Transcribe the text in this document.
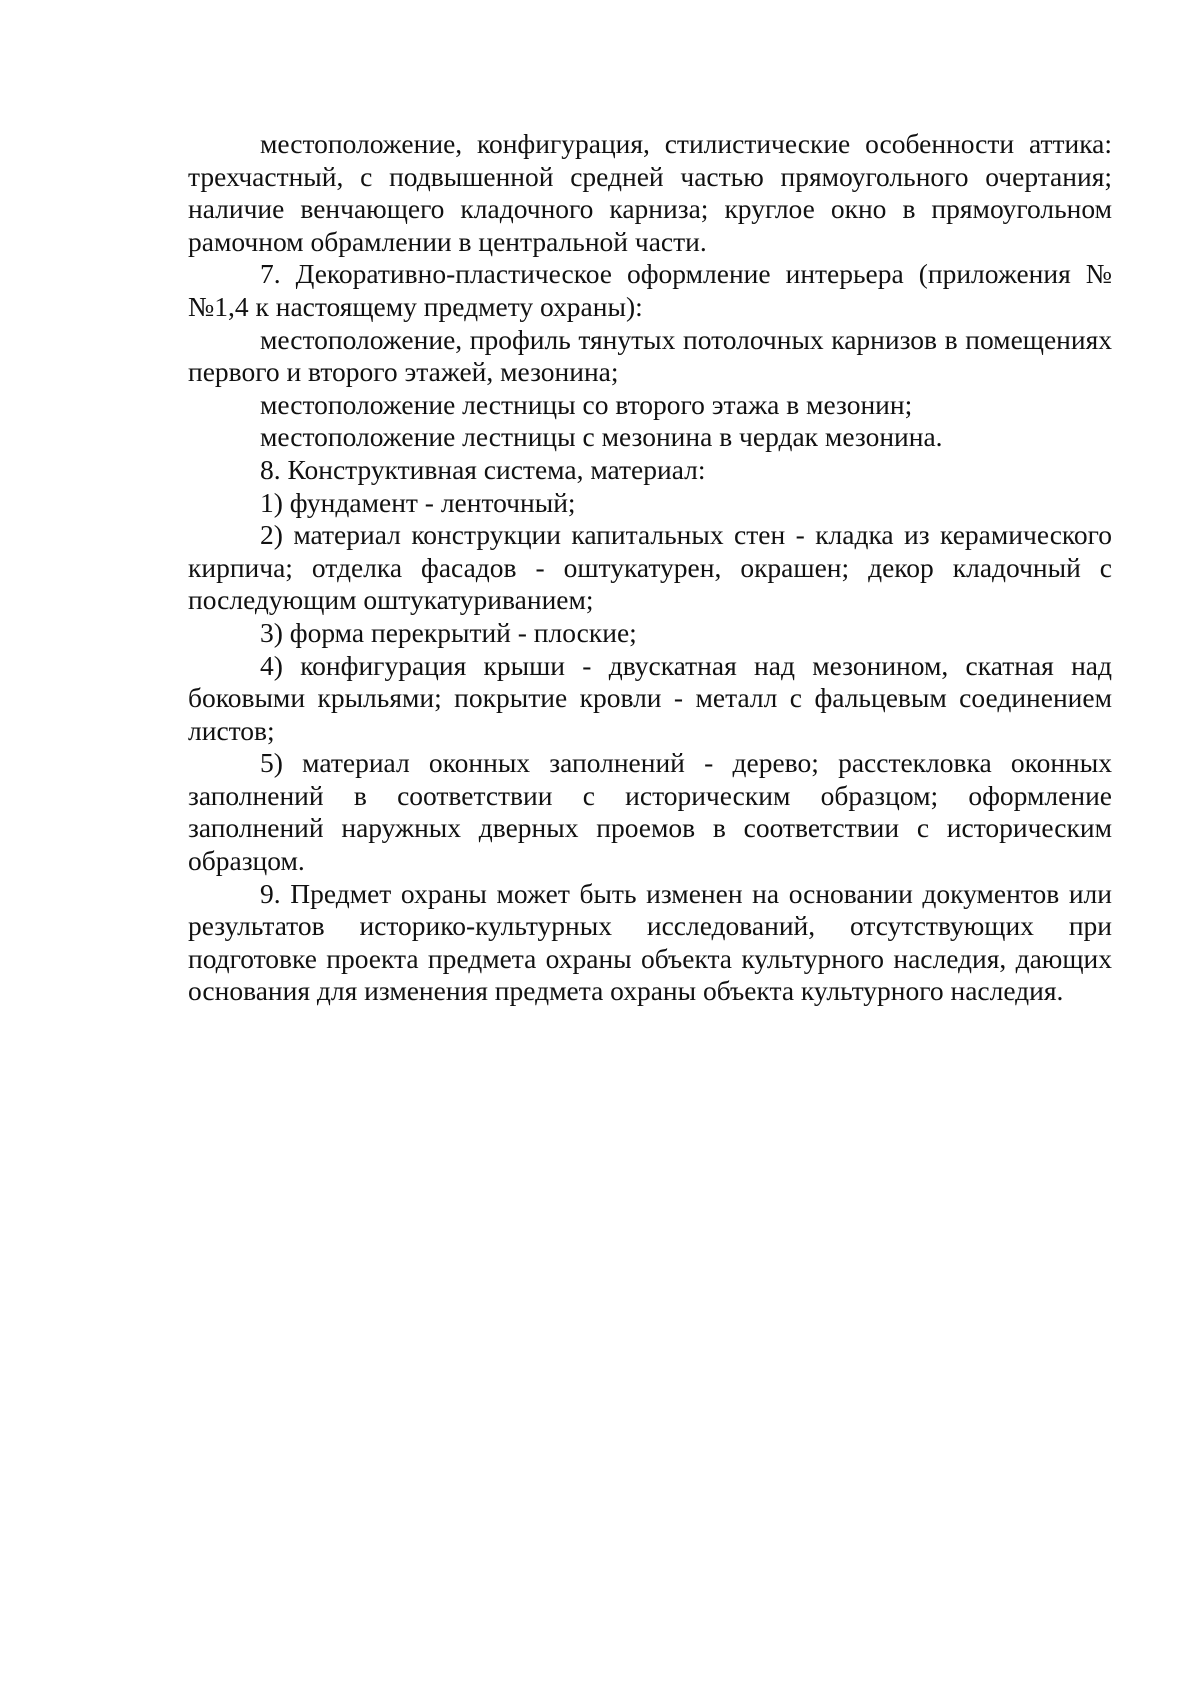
местоположение, конфигурация, стилистические особенности аттика: трехчастный, с подвышенной средней частью прямоугольного очертания; наличие венчающего кладочного карниза; круглое окно в прямоугольном рамочном обрамлении в центральной части.

7. Декоративно-пластическое оформление интерьера (приложения №№1,4 к настоящему предмету охраны):

местоположение, профиль тянутых потолочных карнизов в помещениях первого и второго этажей, мезонина;

местоположение лестницы со второго этажа в мезонин;

местоположение лестницы с мезонина в чердак мезонина.

8. Конструктивная система, материал:

1) фундамент - ленточный;

2) материал конструкции капитальных стен - кладка из керамического кирпича; отделка фасадов - оштукатурен, окрашен; декор кладочный с последующим оштукатуриванием;

3) форма перекрытий - плоские;

4) конфигурация крыши - двускатная над мезонином, скатная над боковыми крыльями; покрытие кровли - металл с фальцевым соединением листов;

5) материал оконных заполнений - дерево; расстекловка оконных заполнений в соответствии с историческим образцом; оформление заполнений наружных дверных проемов в соответствии с историческим образцом.

9. Предмет охраны может быть изменен на основании документов или результатов историко-культурных исследований, отсутствующих при подготовке проекта предмета охраны объекта культурного наследия, дающих основания для изменения предмета охраны объекта культурного наследия.
